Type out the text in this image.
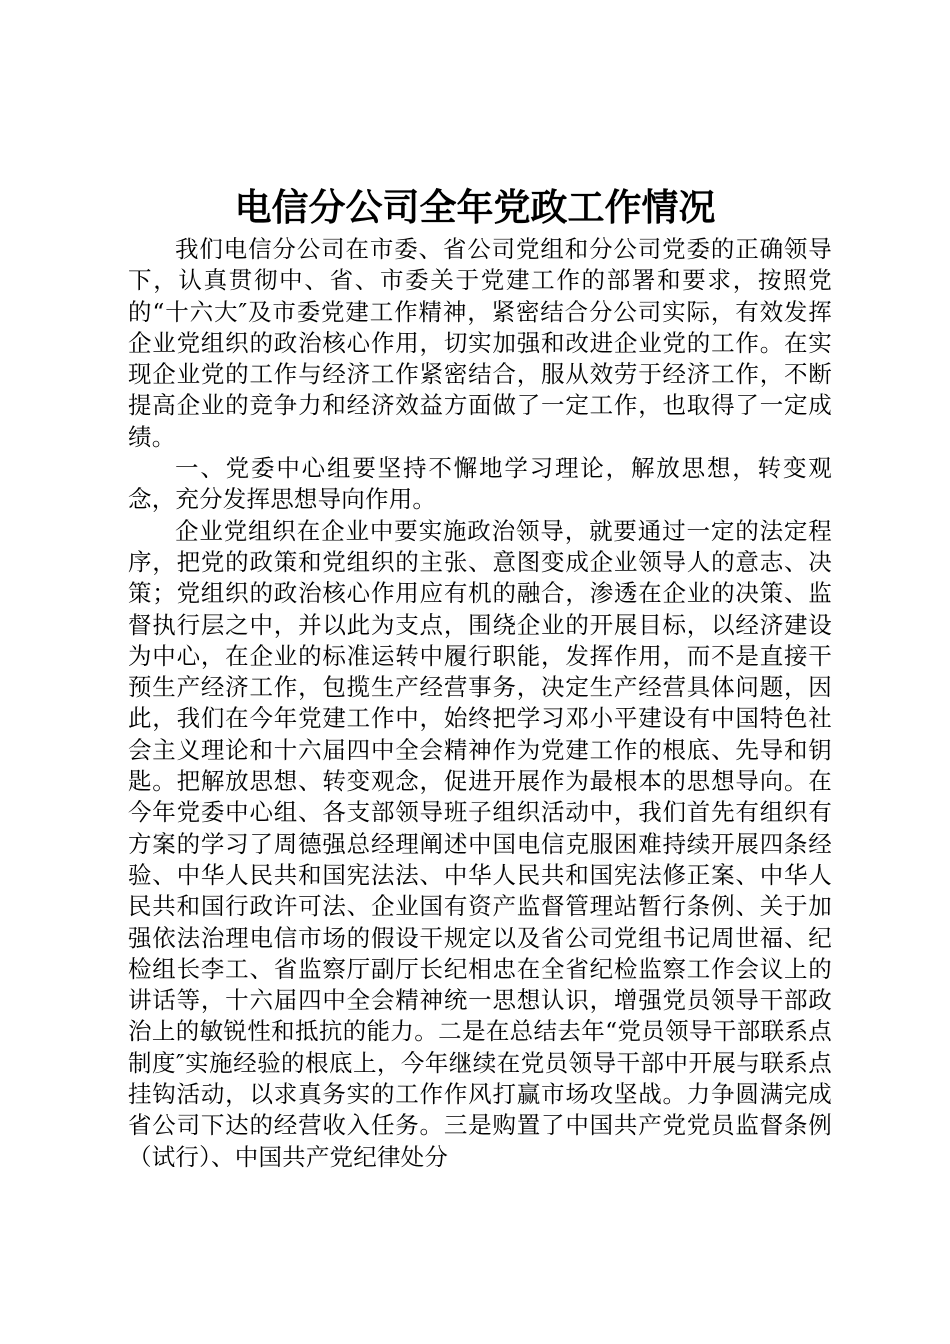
电信分公司全年党政工作情况

我们电信分公司在市委、省公司党组和分公司党委的正确领导下，认真贯彻中、省、市委关于党建工作的部署和要求，按照党的“十六大″及市委党建工作精神，紧密结合分公司实际，有效发挥企业党组织的政治核心作用，切实加强和改进企业党的工作。在实现企业党的工作与经济工作紧密结合，服从效劳于经济工作，不断提高企业的竞争力和经济效益方面做了一定工作，也取得了一定成绩。

一、党委中心组要坚持不懈地学习理论，解放思想，转变观念，充分发挥思想导向作用。

企业党组织在企业中要实施政治领导，就要通过一定的法定程序，把党的政策和党组织的主张、意图变成企业领导人的意志、决策；党组织的政治核心作用应有机的融合，渗透在企业的决策、监督执行层之中，并以此为支点，围绕企业的开展目标，以经济建设为中心，在企业的标准运转中履行职能，发挥作用，而不是直接干预生产经济工作，包揽生产经营事务，决定生产经营具体问题，因此，我们在今年党建工作中，始终把学习邓小平建设有中国特色社会主义理论和十六届四中全会精神作为党建工作的根底、先导和钥匙。把解放思想、转变观念，促进开展作为最根本的思想导向。在今年党委中心组、各支部领导班子组织活动中，我们首先有组织有方案的学习了周德强总经理阐述中国电信克服困难持续开展四条经验、中华人民共和国宪法法、中华人民共和国宪法修正案、中华人民共和国行政许可法、企业国有资产监督管理站暂行条例、关于加强依法治理电信市场的假设干规定以及省公司党组书记周世福、纪检组长李工、省监察厅副厅长纪相忠在全省纪检监察工作会议上的讲话等，十六届四中全会精神统一思想认识，增强党员领导干部政治上的敏锐性和抵抗的能力。二是在总结去年“党员领导干部联系点制度″实施经验的根底上，今年继续在党员领导干部中开展与联系点挂钩活动，以求真务实的工作作风打赢市场攻坚战。力争圆满完成省公司下达的经营收入任务。三是购置了中国共产党党员监督条例（试行）、中国共产党纪律处分
